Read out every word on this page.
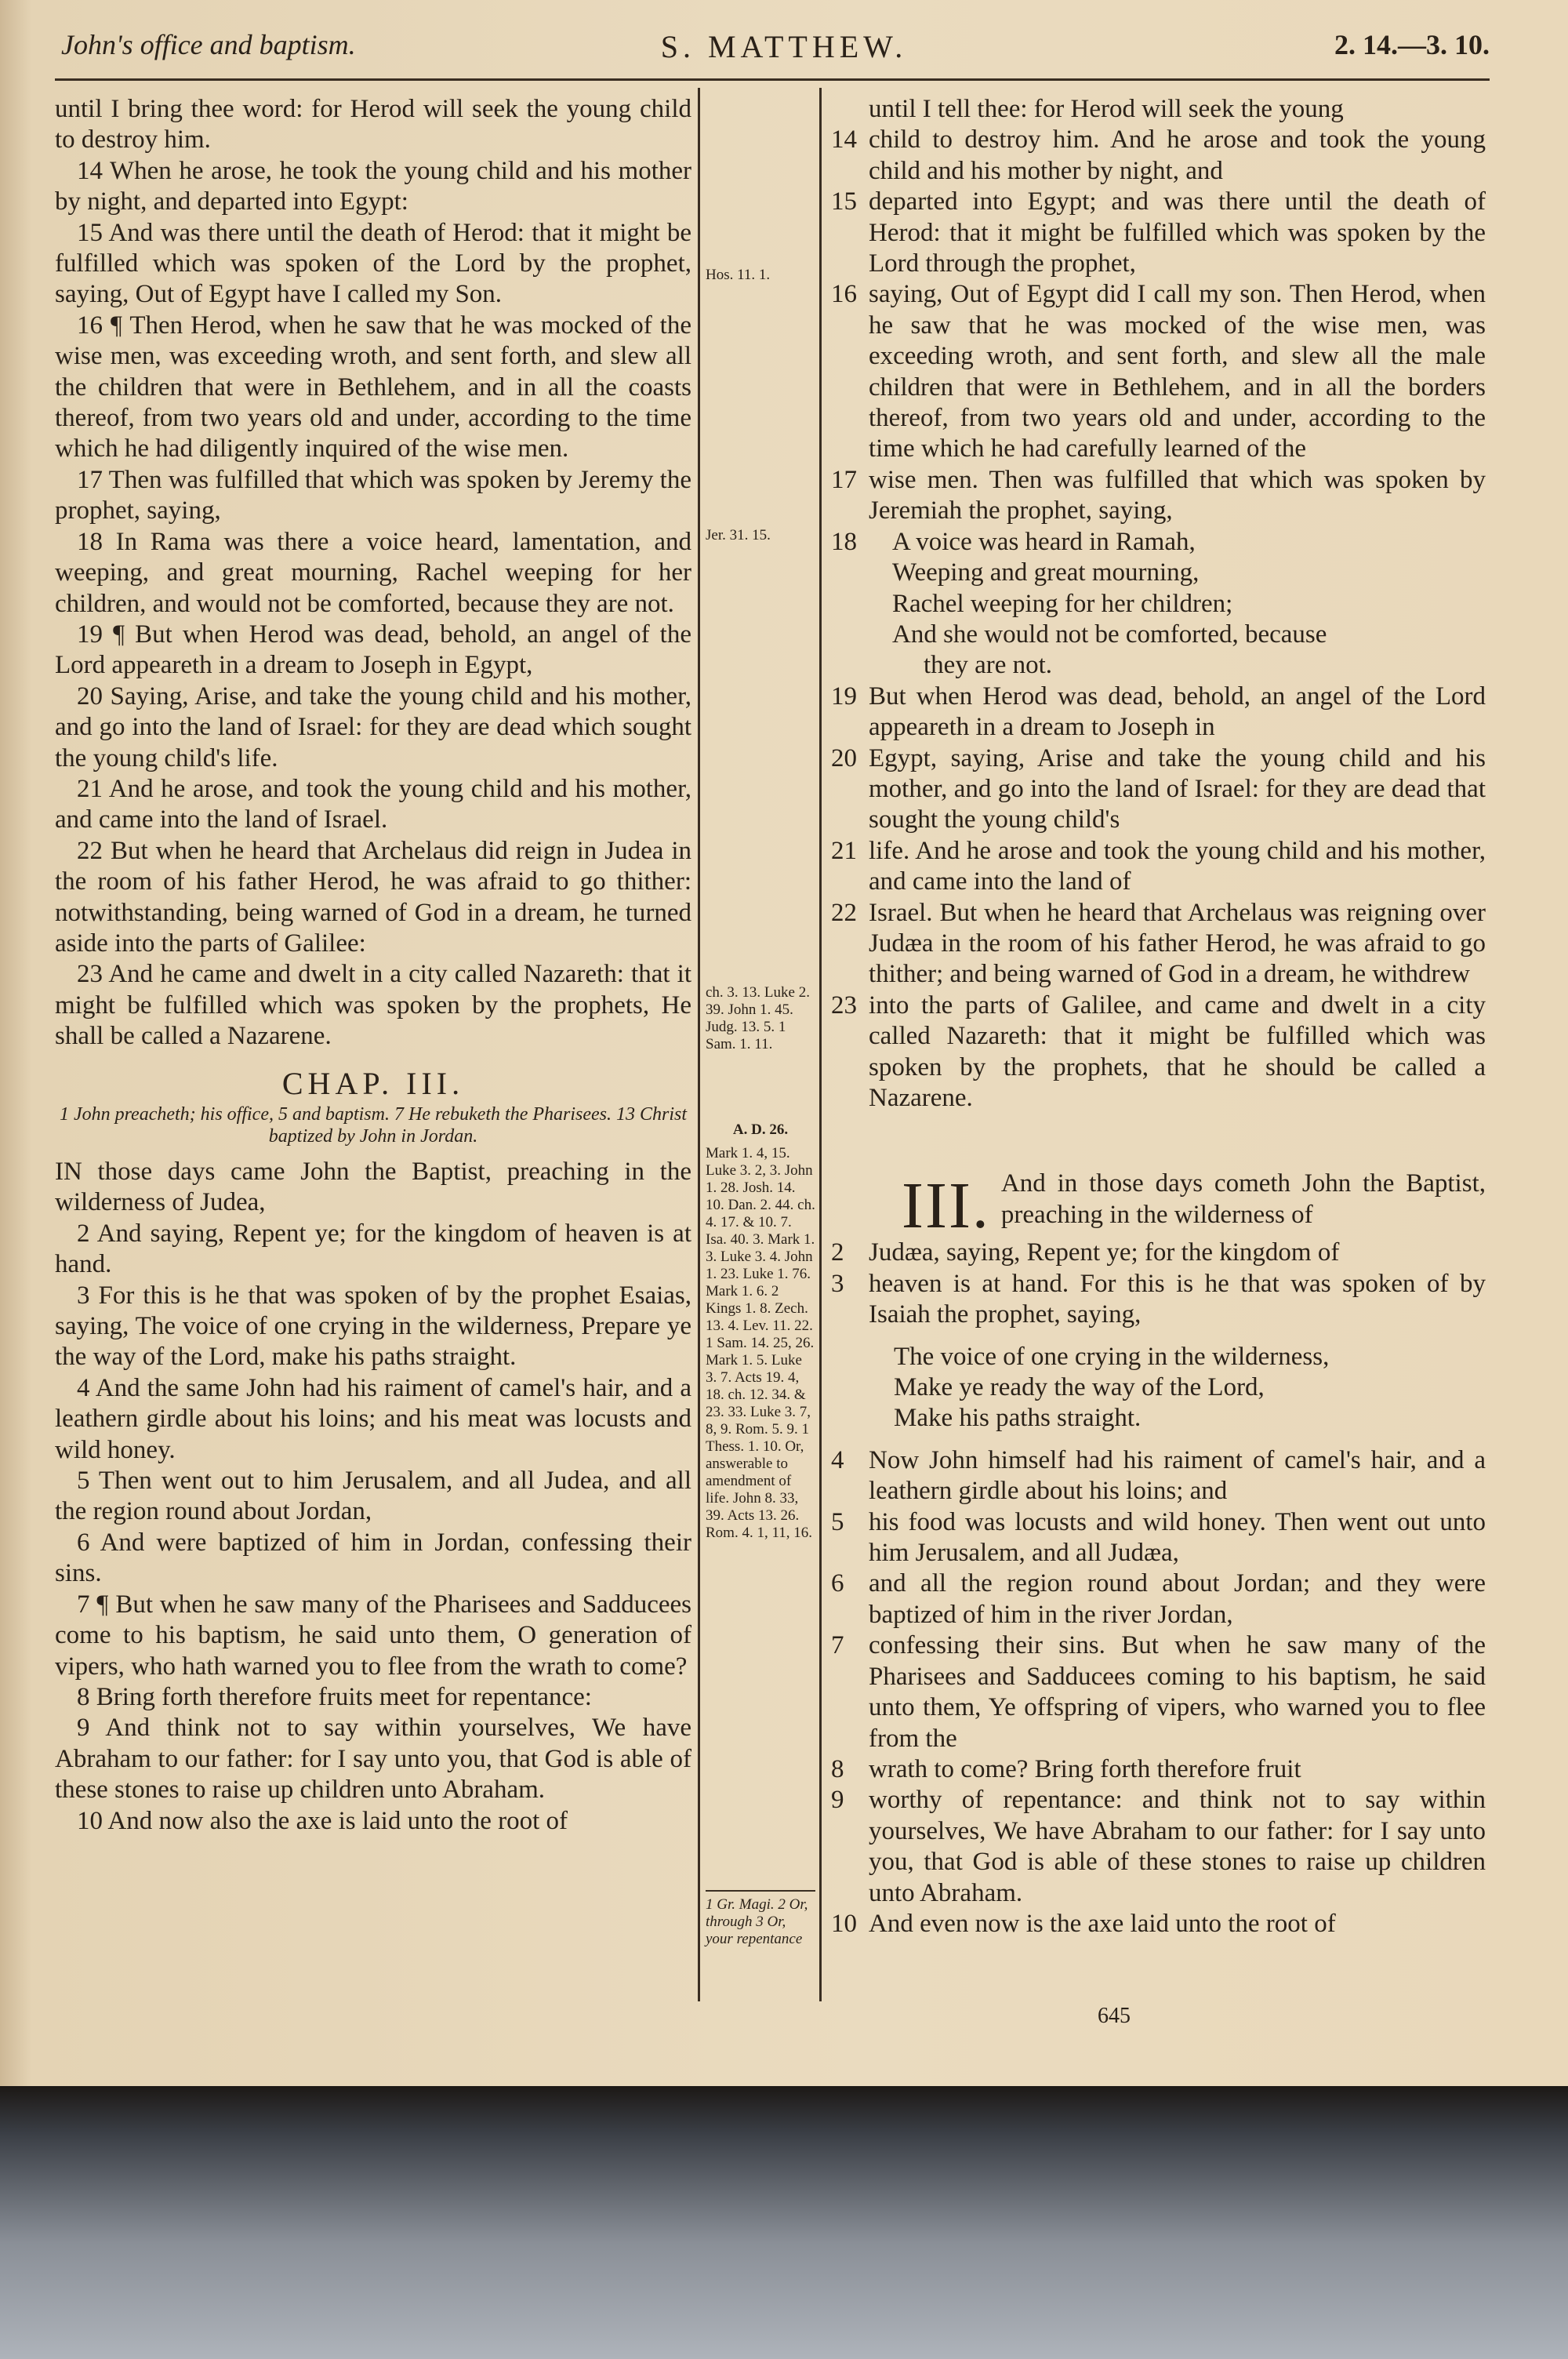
John's office and baptism.	S. MATTHEW.	2. 14.—3. 10.

until I bring thee word: for Herod will seek the young child to destroy him.

14 When he arose, he took the young child and his mother by night, and departed into Egypt:

15 And was there until the death of Herod: that it might be fulfilled which was spoken of the Lord by the prophet, saying, Out of Egypt have I called my Son.

16 ¶ Then Herod, when he saw that he was mocked of the wise men, was exceeding wroth, and sent forth, and slew all the children that were in Bethlehem, and in all the coasts thereof, from two years old and under, according to the time which he had diligently inquired of the wise men.

17 Then was fulfilled that which was spoken by Jeremy the prophet, saying,

18 In Rama was there a voice heard, lamentation, and weeping, and great mourning, Rachel weeping for her children, and would not be comforted, because they are not.

19 ¶ But when Herod was dead, behold, an angel of the Lord appeareth in a dream to Joseph in Egypt,

20 Saying, Arise, and take the young child and his mother, and go into the land of Israel: for they are dead which sought the young child's life.

21 And he arose, and took the young child and his mother, and came into the land of Israel.

22 But when he heard that Archelaus did reign in Judea in the room of his father Herod, he was afraid to go thither: notwithstanding, being warned of God in a dream, he turned aside into the parts of Galilee:

23 And he came and dwelt in a city called Nazareth: that it might be fulfilled which was spoken by the prophets, He shall be called a Nazarene.

CHAP. III.
1 John preacheth; his office, 5 and baptism. 7 He rebuketh the Pharisees. 13 Christ baptized by John in Jordan.

IN those days came John the Baptist, preaching in the wilderness of Judea,

2 And saying, Repent ye; for the kingdom of heaven is at hand.

3 For this is he that was spoken of by the prophet Esaias, saying, The voice of one crying in the wilderness, Prepare ye the way of the Lord, make his paths straight.

4 And the same John had his raiment of camel's hair, and a leathern girdle about his loins; and his meat was locusts and wild honey.

5 Then went out to him Jerusalem, and all Judea, and all the region round about Jordan,

6 And were baptized of him in Jordan, confessing their sins.

7 ¶ But when he saw many of the Pharisees and Sadducees come to his baptism, he said unto them, O generation of vipers, who hath warned you to flee from the wrath to come?

8 Bring forth therefore fruits meet for repentance:

9 And think not to say within yourselves, We have Abraham to our father: for I say unto you, that God is able of these stones to raise up children unto Abraham.

10 And now also the axe is laid unto the root of

Hos. 11. 1.
Jer. 31. 15.
ch. 3. 13. Luke 2. 39. John 1. 45. Judg. 13. 5. 1 Sam. 1. 11.
A. D. 26.
Mark 1. 4, 15. Luke 3. 2, 3. John 1. 28. Josh. 14. 10. Dan. 2. 44. ch. 4. 17. & 10. 7. Isa. 40. 3. Mark 1. 3. Luke 3. 4. John 1. 23. Luke 1. 76. Mark 1. 6. 2 Kings 1. 8. Zech. 13. 4. Lev. 11. 22. 1 Sam. 14. 25, 26. Mark 1. 5. Luke 3. 7. Acts 19. 4, 18. ch. 12. 34. & 23. 33. Luke 3. 7, 8, 9. Rom. 5. 9. 1 Thess. 1. 10. Or, answerable to amendment of life. John 8. 33, 39. Acts 13. 26. Rom. 4. 1, 11, 16.
1 Gr. Magi. 2 Or, through 3 Or, your repentance
until I tell thee: for Herod will seek the young
14 child to destroy him. And he arose and took the young child and his mother by night, and
15 departed into Egypt; and was there until the death of Herod: that it might be fulfilled which was spoken by the Lord through the prophet,
16 saying, Out of Egypt did I call my son. Then Herod, when he saw that he was mocked of the wise men, was exceeding wroth, and sent forth, and slew all the male children that were in Bethlehem, and in all the borders thereof, from two years old and under, according to the time which he had carefully learned of the
17 wise men. Then was fulfilled that which was spoken by Jeremiah the prophet, saying,
18	A voice was heard in Ramah,
Weeping and great mourning,
Rachel weeping for her children;
And she would not be comforted, because
they are not.
19 But when Herod was dead, behold, an angel of the Lord appeareth in a dream to Joseph in
20 Egypt, saying, Arise and take the young child and his mother, and go into the land of Israel: for they are dead that sought the young child's
21 life. And he arose and took the young child and his mother, and came into the land of
22 Israel. But when he heard that Archelaus was reigning over Judæa in the room of his father Herod, he was afraid to go thither; and being warned of God in a dream, he withdrew
23 into the parts of Galilee, and came and dwelt in a city called Nazareth: that it might be fulfilled which was spoken by the prophets, that he should be called a Nazarene.
III. And in those days cometh John the Baptist, preaching in the wilderness of
2 Judæa, saying, Repent ye; for the kingdom of
3 heaven is at hand. For this is he that was spoken of by Isaiah the prophet, saying,
The voice of one crying in the wilderness,
Make ye ready the way of the Lord,
Make his paths straight.
4 Now John himself had his raiment of camel's hair, and a leathern girdle about his loins; and
5 his food was locusts and wild honey. Then went out unto him Jerusalem, and all Judæa,
6 and all the region round about Jordan; and they were baptized of him in the river Jordan,
7 confessing their sins. But when he saw many of the Pharisees and Sadducees coming to his baptism, he said unto them, Ye offspring of vipers, who warned you to flee from the
8 wrath to come? Bring forth therefore fruit
9 worthy of repentance: and think not to say within yourselves, We have Abraham to our father: for I say unto you, that God is able of these stones to raise up children unto Abraham.
10 And even now is the axe laid unto the root of
645
